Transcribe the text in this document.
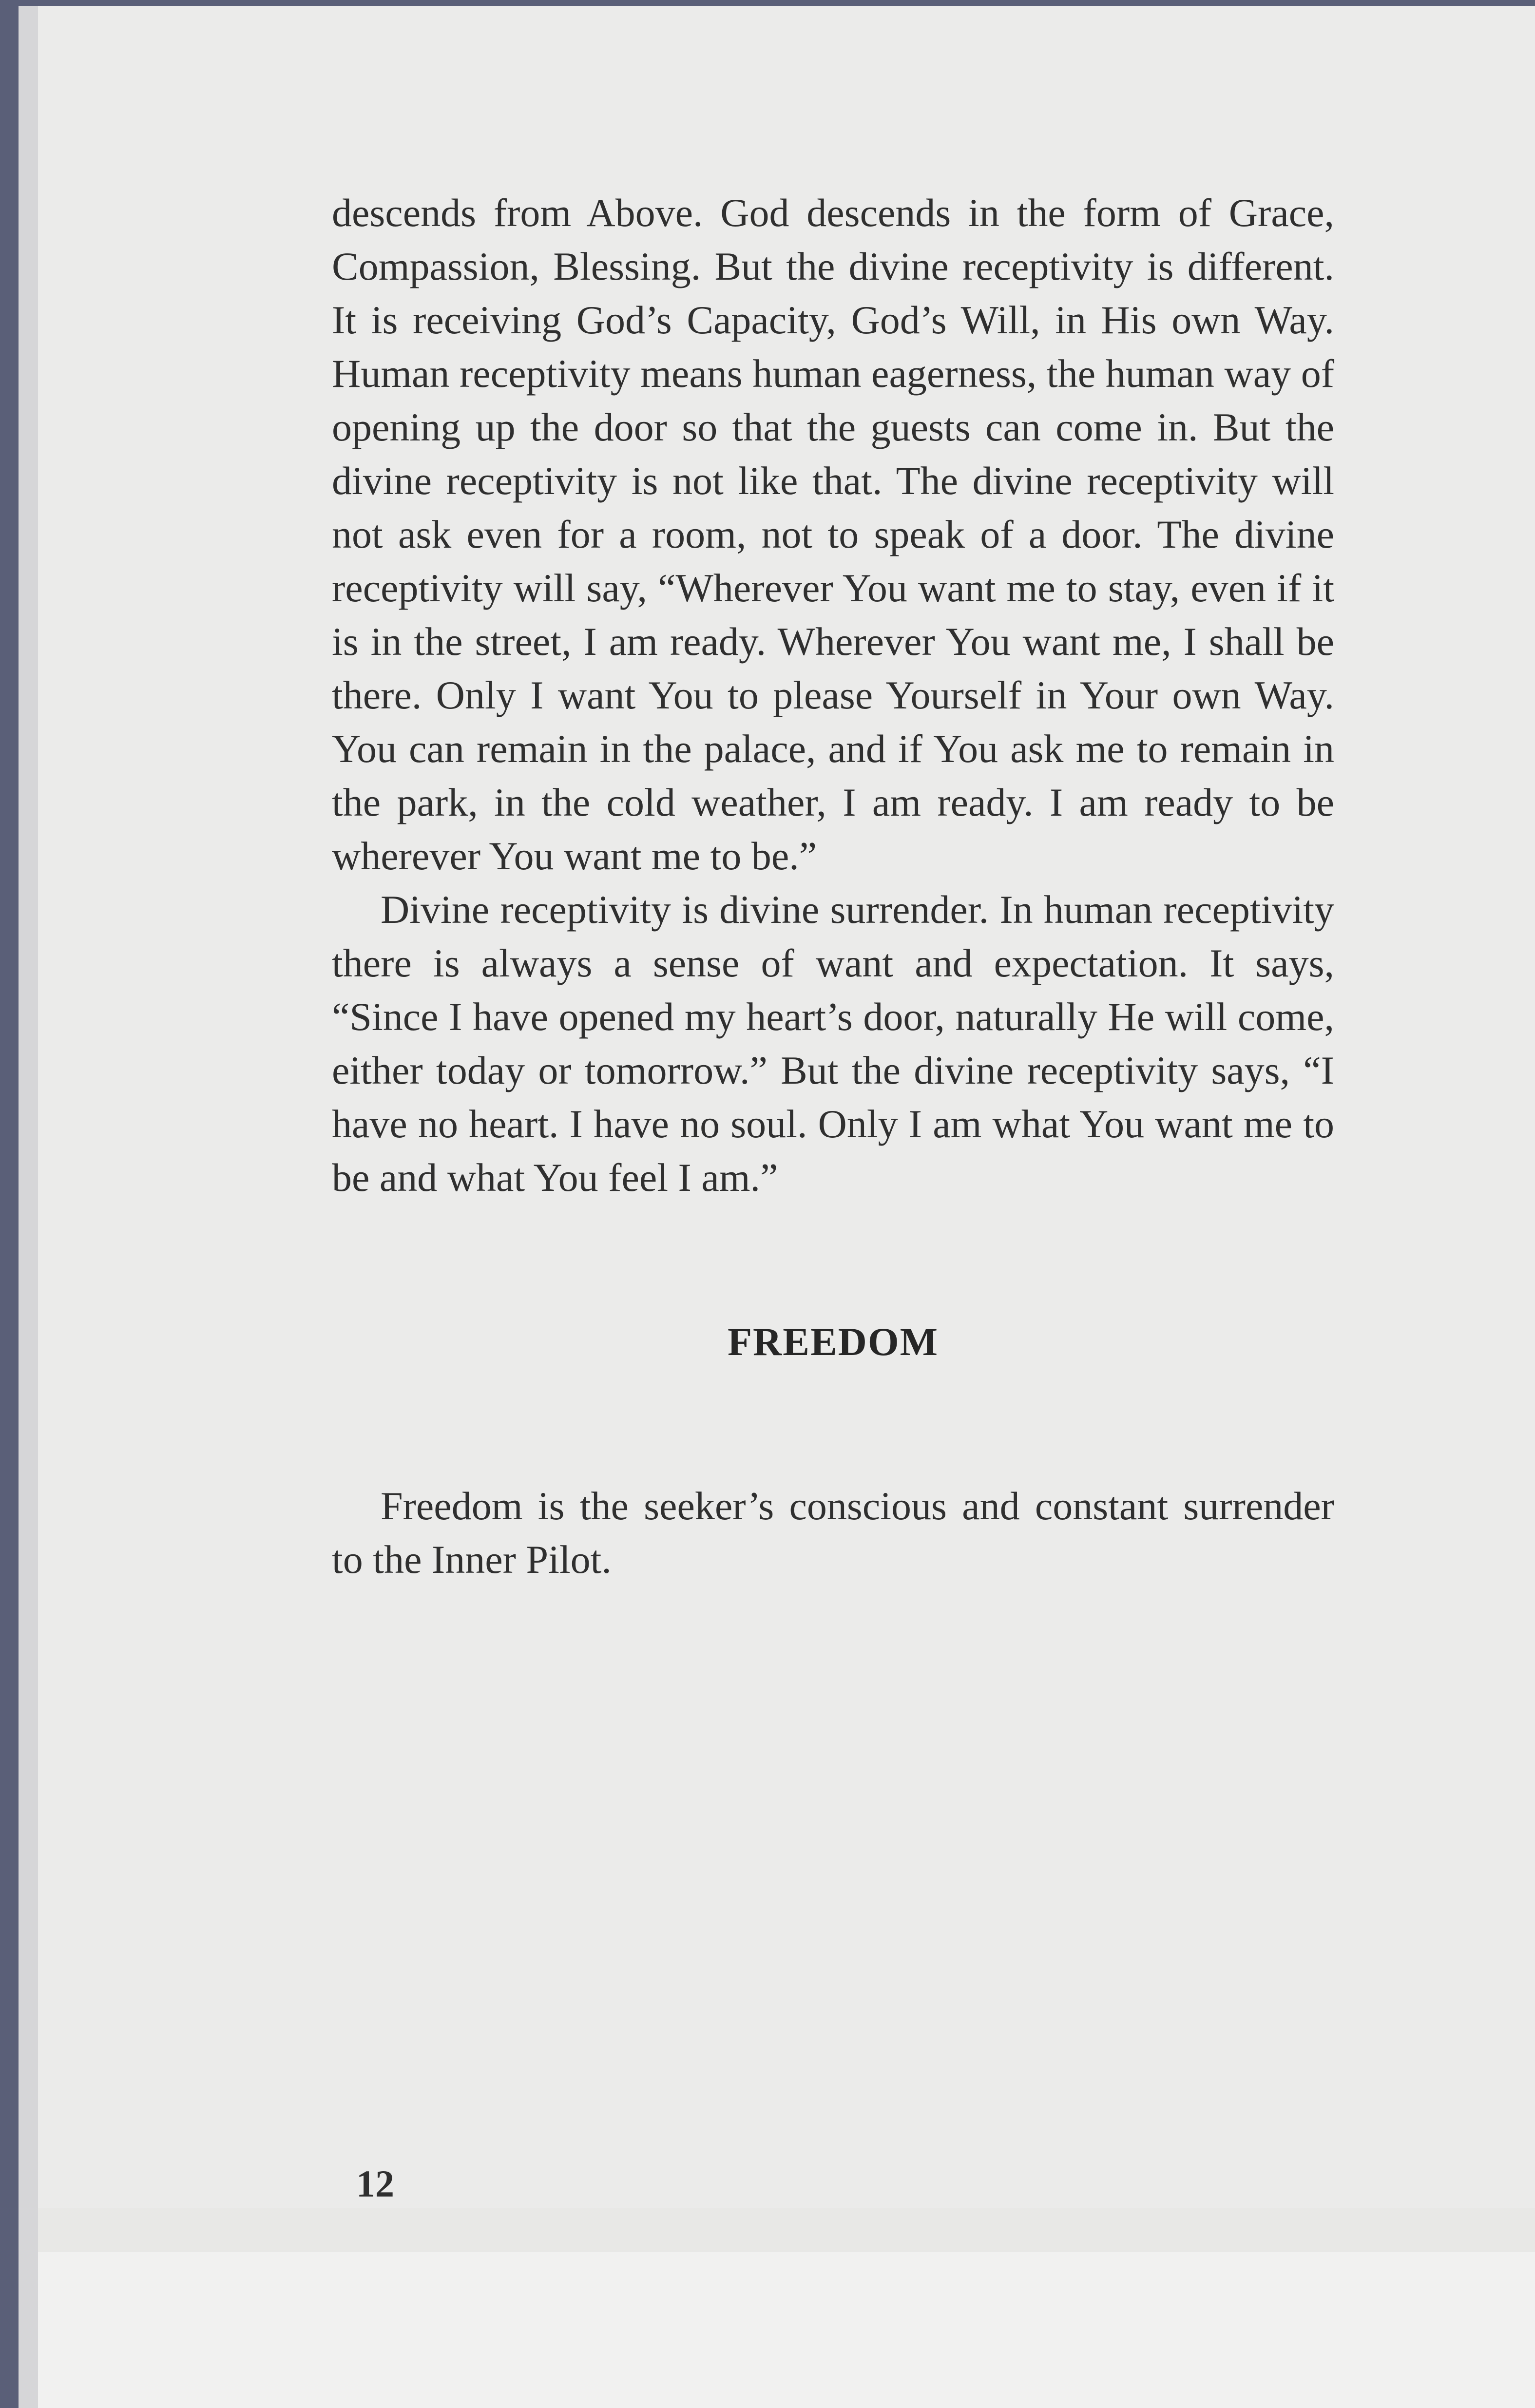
descends from Above. God descends in the form of Grace, Compassion, Blessing. But the divine receptivity is different. It is receiving God’s Capacity, God’s Will, in His own Way. Human receptivity means human eagerness, the human way of opening up the door so that the guests can come in. But the divine receptivity is not like that. The divine receptivity will not ask even for a room, not to speak of a door. The divine receptivity will say, “Wherever You want me to stay, even if it is in the street, I am ready. Wherever You want me, I shall be there. Only I want You to please Yourself in Your own Way. You can remain in the palace, and if You ask me to remain in the park, in the cold weather, I am ready. I am ready to be wherever You want me to be.”

Divine receptivity is divine surrender. In human receptivity there is always a sense of want and expectation. It says, “Since I have opened my heart’s door, naturally He will come, either today or tomorrow.” But the divine receptivity says, “I have no heart. I have no soul. Only I am what You want me to be and what You feel I am.”

FREEDOM

Freedom is the seeker’s conscious and constant surrender to the Inner Pilot.

12
